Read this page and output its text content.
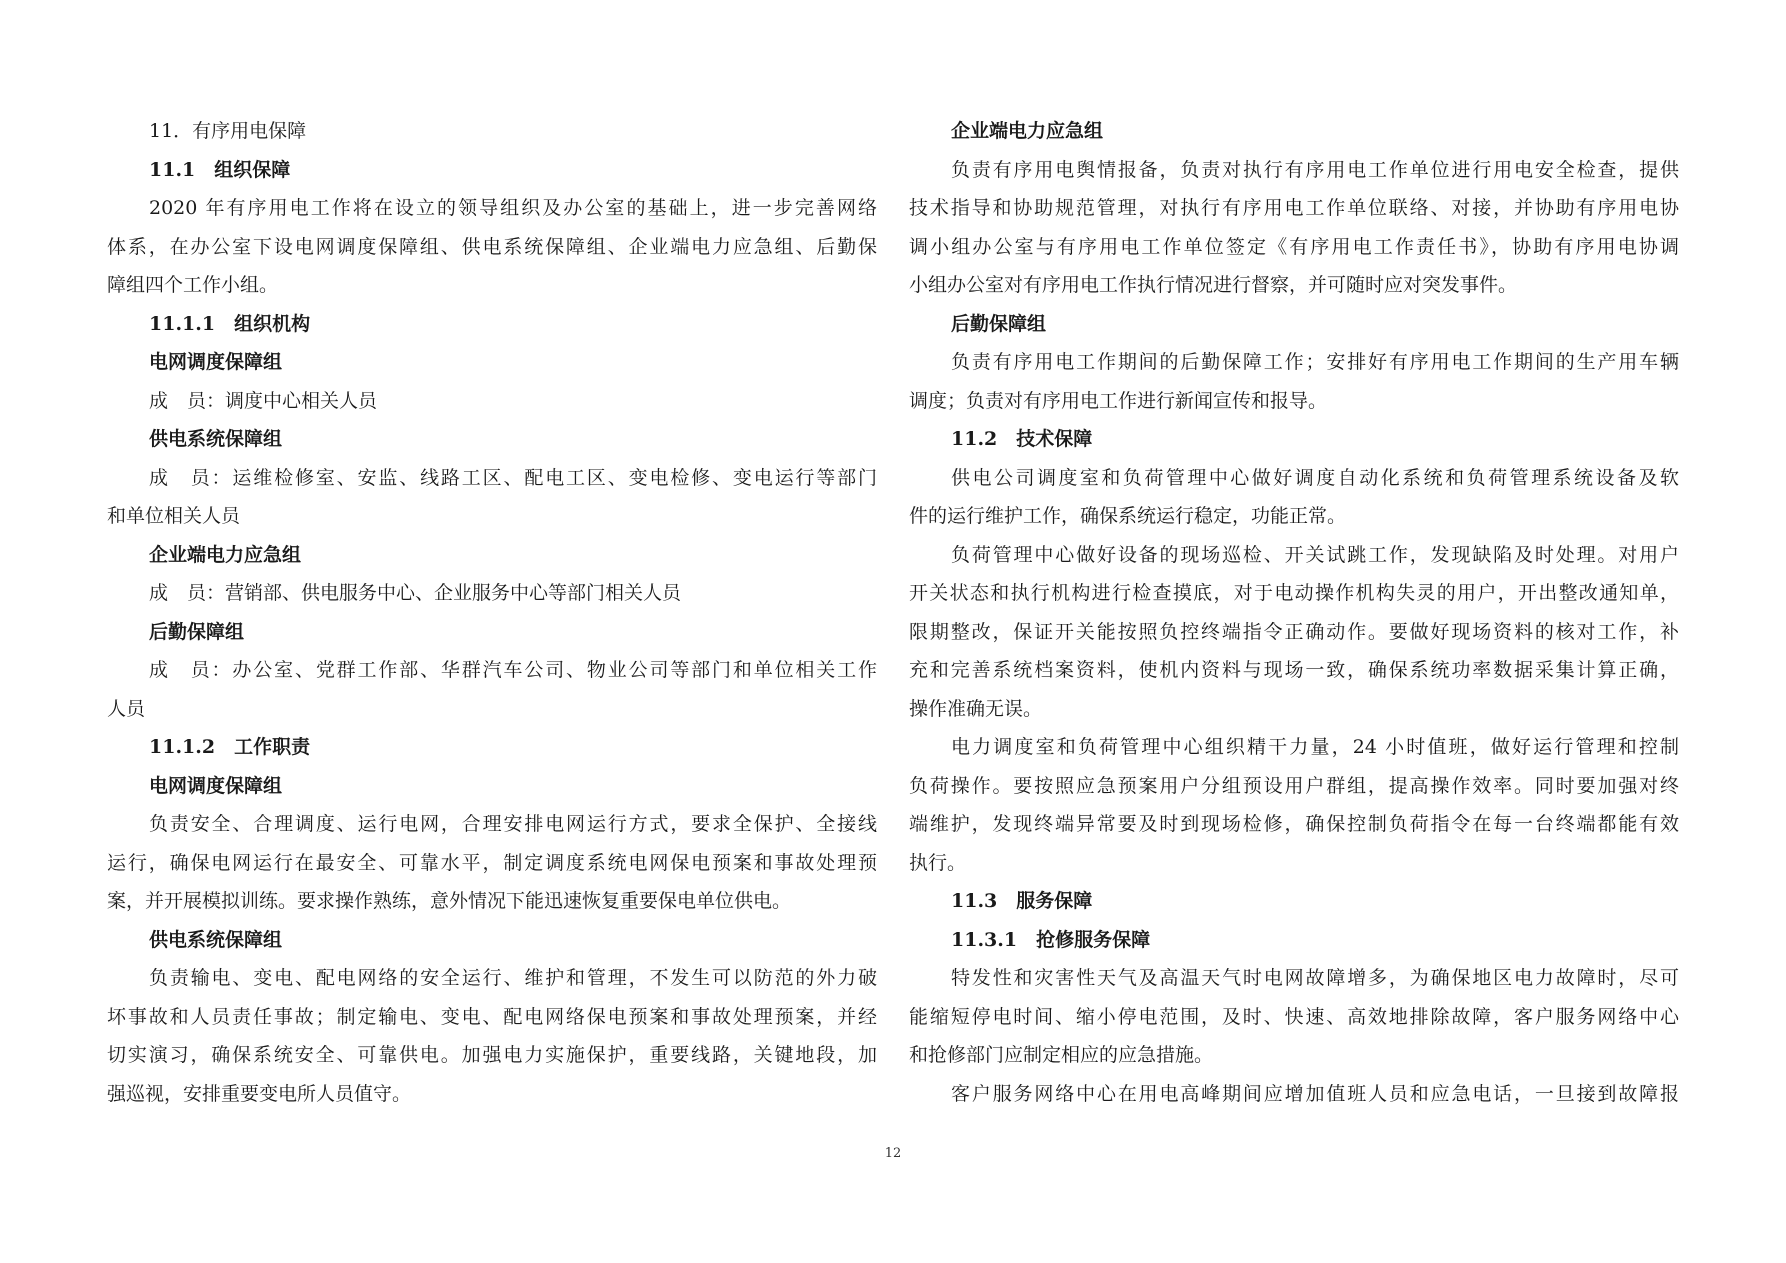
11．有序用电保障
11.1　组织保障
2020 年有序用电工作将在设立的领导组织及办公室的基础上，进一步完善网络
体系，在办公室下设电网调度保障组、供电系统保障组、企业端电力应急组、后勤保
障组四个工作小组。
11.1.1　组织机构
电网调度保障组
成　员：调度中心相关人员
供电系统保障组
成　员：运维检修室、安监、线路工区、配电工区、变电检修、变电运行等部门
和单位相关人员
企业端电力应急组
成　员：营销部、供电服务中心、企业服务中心等部门相关人员
后勤保障组
成　员：办公室、党群工作部、华群汽车公司、物业公司等部门和单位相关工作
人员
11.1.2　工作职责
电网调度保障组
负责安全、合理调度、运行电网，合理安排电网运行方式，要求全保护、全接线
运行，确保电网运行在最安全、可靠水平，制定调度系统电网保电预案和事故处理预
案，并开展模拟训练。要求操作熟练，意外情况下能迅速恢复重要保电单位供电。
供电系统保障组
负责输电、变电、配电网络的安全运行、维护和管理，不发生可以防范的外力破
坏事故和人员责任事故；制定输电、变电、配电网络保电预案和事故处理预案，并经
切实演习，确保系统安全、可靠供电。加强电力实施保护，重要线路，关键地段，加
强巡视，安排重要变电所人员值守。
企业端电力应急组
负责有序用电舆情报备，负责对执行有序用电工作单位进行用电安全检查，提供
技术指导和协助规范管理，对执行有序用电工作单位联络、对接，并协助有序用电协
调小组办公室与有序用电工作单位签定《有序用电工作责任书》，协助有序用电协调
小组办公室对有序用电工作执行情况进行督察，并可随时应对突发事件。
后勤保障组
负责有序用电工作期间的后勤保障工作；安排好有序用电工作期间的生产用车辆
调度；负责对有序用电工作进行新闻宣传和报导。
11.2　技术保障
供电公司调度室和负荷管理中心做好调度自动化系统和负荷管理系统设备及软
件的运行维护工作，确保系统运行稳定，功能正常。
负荷管理中心做好设备的现场巡检、开关试跳工作，发现缺陷及时处理。对用户
开关状态和执行机构进行检查摸底，对于电动操作机构失灵的用户，开出整改通知单，
限期整改，保证开关能按照负控终端指令正确动作。要做好现场资料的核对工作，补
充和完善系统档案资料，使机内资料与现场一致，确保系统功率数据采集计算正确，
操作准确无误。
电力调度室和负荷管理中心组织精干力量，24 小时值班，做好运行管理和控制
负荷操作。要按照应急预案用户分组预设用户群组，提高操作效率。同时要加强对终
端维护，发现终端异常要及时到现场检修，确保控制负荷指令在每一台终端都能有效
执行。
11.3　服务保障
11.3.1　抢修服务保障
特发性和灾害性天气及高温天气时电网故障增多，为确保地区电力故障时，尽可
能缩短停电时间、缩小停电范围，及时、快速、高效地排除故障，客户服务网络中心
和抢修部门应制定相应的应急措施。
客户服务网络中心在用电高峰期间应增加值班人员和应急电话，一旦接到故障报
12
